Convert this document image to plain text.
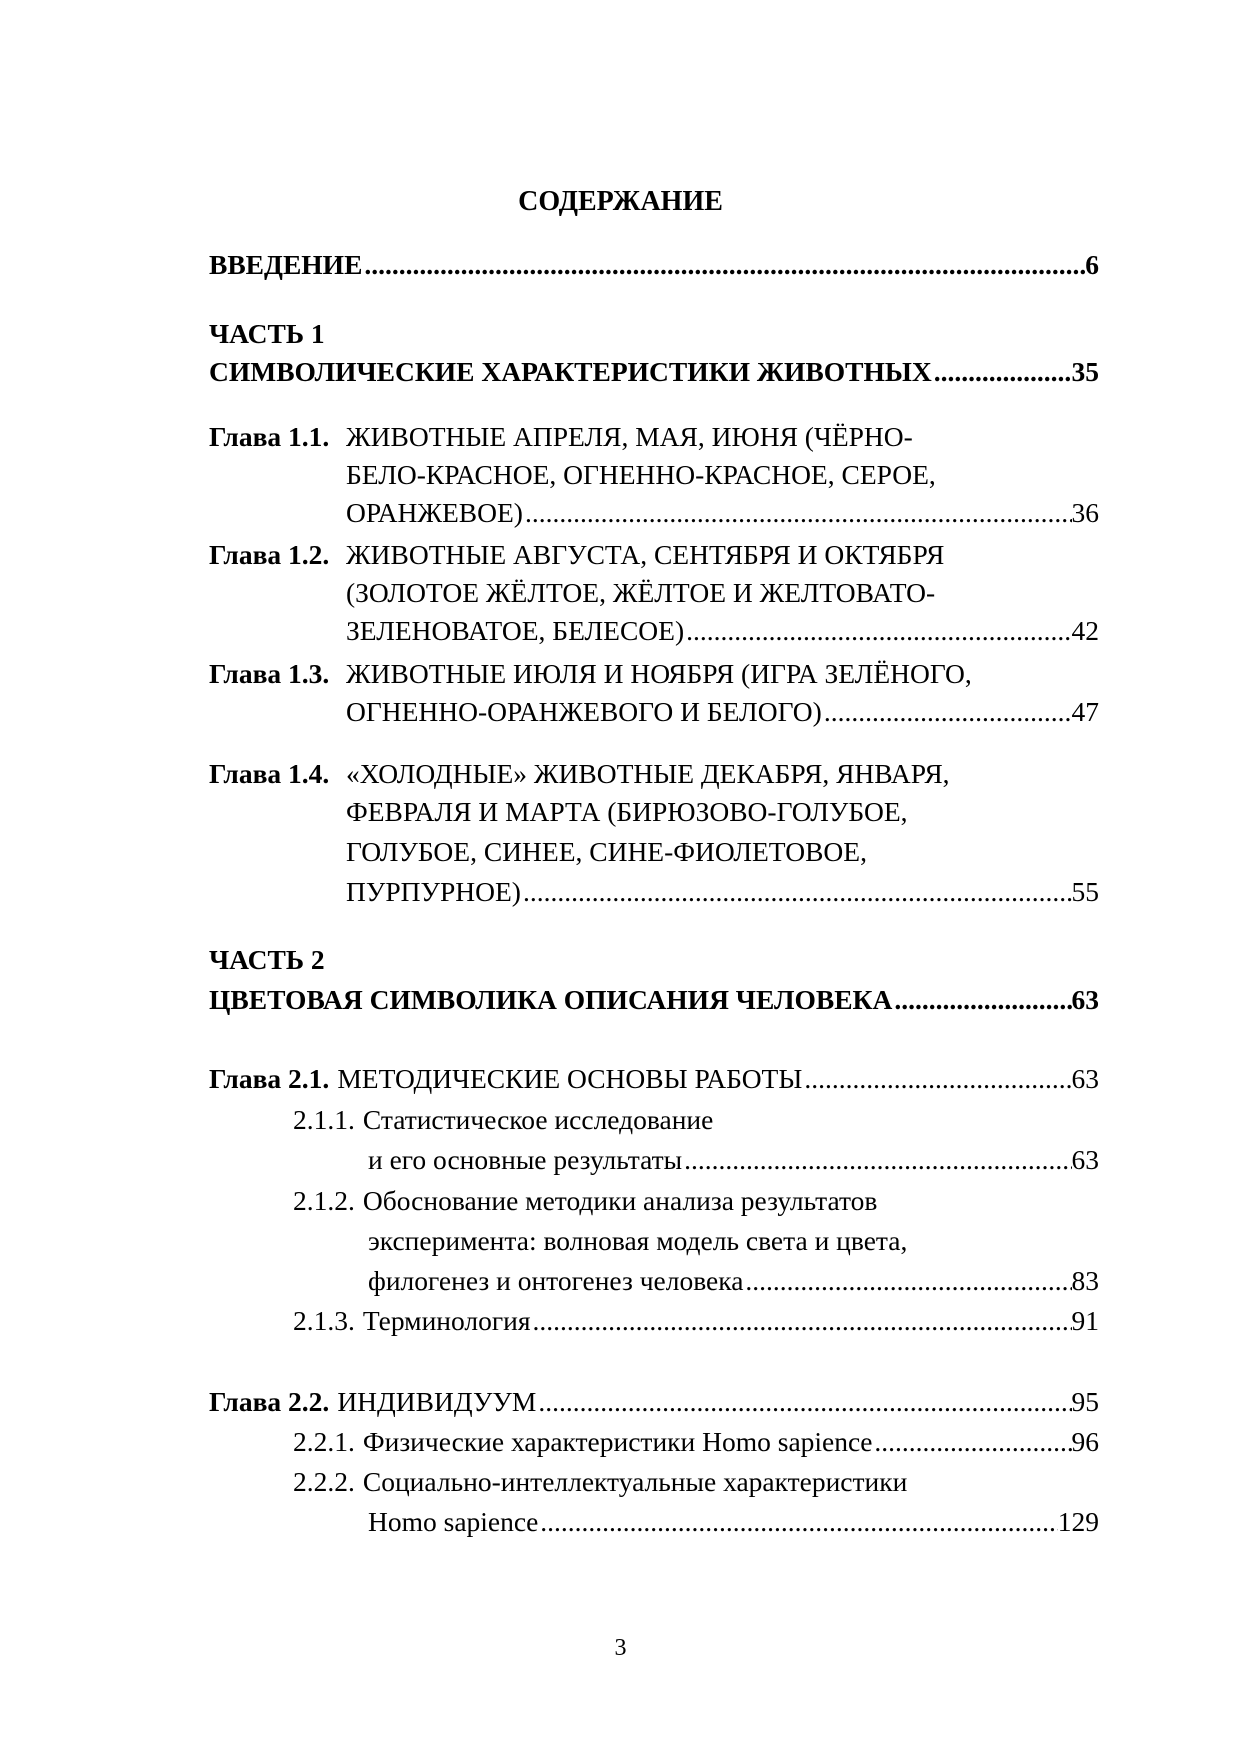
СОДЕРЖАНИЕ
ВВЕДЕНИЕ .....	6
ЧАСТЬ 1
СИМВОЛИЧЕСКИЕ ХАРАКТЕРИСТИКИ ЖИВОТНЫХ .....	35
Глава 1.1. ЖИВОТНЫЕ АПРЕЛЯ, МАЯ, ИЮНЯ (ЧЁРНО-
БЕЛО-КРАСНОЕ, ОГНЕННО-КРАСНОЕ, СЕРОЕ,
ОРАНЖЕВОЕ) .....	36
Глава 1.2. ЖИВОТНЫЕ АВГУСТА, СЕНТЯБРЯ И ОКТЯБРЯ
(ЗОЛОТОЕ ЖЁЛТОЕ, ЖЁЛТОЕ И ЖЕЛТОВАТО-
ЗЕЛЕНОВАТОЕ, БЕЛЕСОЕ) .....	42
Глава 1.3. ЖИВОТНЫЕ ИЮЛЯ И НОЯБРЯ (ИГРА ЗЕЛЁНОГО,
ОГНЕННО-ОРАНЖЕВОГО И БЕЛОГО) .....	47
Глава 1.4. «ХОЛОДНЫЕ» ЖИВОТНЫЕ ДЕКАБРЯ, ЯНВАРЯ,
ФЕВРАЛЯ И МАРТА (БИРЮЗОВО-ГОЛУБОЕ,
ГОЛУБОЕ, СИНЕЕ, СИНЕ-ФИОЛЕТОВОЕ,
ПУРПУРНОЕ) .....	55
ЧАСТЬ 2
ЦВЕТОВАЯ СИМВОЛИКА ОПИСАНИЯ ЧЕЛОВЕКА .....	63
Глава 2.1. МЕТОДИЧЕСКИЕ ОСНОВЫ РАБОТЫ .....	63
2.1.1. Статистическое исследование
и его основные результаты .....	63
2.1.2. Обоснование методики анализа результатов
эксперимента: волновая модель света и цвета,
филогенез и онтогенез человека .....	83
2.1.3. Терминология .....	91
Глава 2.2. ИНДИВИДУУМ .....	95
2.2.1. Физические характеристики Homo sapience .....	96
2.2.2. Социально-интеллектуальные характеристики
Homo sapience .....	129
3
